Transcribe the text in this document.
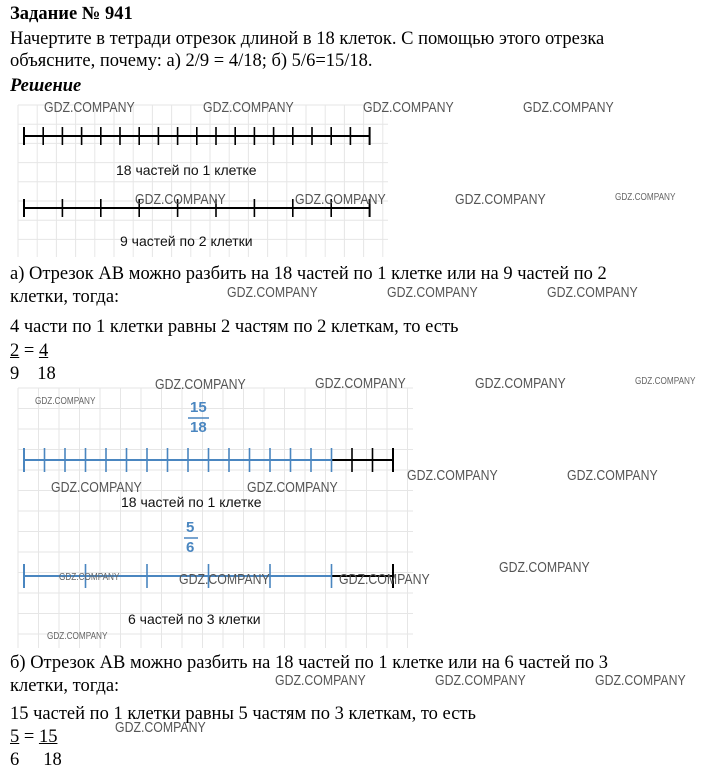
Задание № 941
Начертите в тетради отрезок длиной в 18 клеток. С помощью этого отрезка
объясните, почему: а) 2/9 = 4/18; б) 5/6=15/18.
Решение
18 частей по 1 клетке
9 частей по 2 клетки
а) Отрезок АВ можно разбить на 18 частей по 1 клетке или на 9 частей по 2
клетки, тогда:
4 части по 1 клетки равны 2 частям по 2 клеткам, то есть
2 = 4
9 18
15
18
18 частей по 1 клетке
5
6
6 частей по 3 клетки
б) Отрезок АВ можно разбить на 18 частей по 1 клетке или на 6 частей по 3
клетки, тогда:
15 частей по 1 клетки равны 5 частям по 3 клеткам, то есть
5 = 15
6 18
GDZ.COMPANY	GDZ.COMPANY	GDZ.COMPANY	GDZ.COMPANY
GDZ.COMPANY	GDZ.COMPANY	GDZ.COMPANY	GDZ.COMPANY
GDZ.COMPANY	GDZ.COMPANY	GDZ.COMPANY
GDZ.COMPANY	GDZ.COMPANY	GDZ.COMPANY	GDZ.COMPANY
GDZ.COMPANY
GDZ.COMPANY	GDZ.COMPANY
GDZ.COMPANY	GDZ.COMPANY
GDZ.COMPANY
GDZ.COMPANY	GDZ.COMPANY	GDZ.COMPANY
GDZ.COMPANY
GDZ.COMPANY	GDZ.COMPANY	GDZ.COMPANY
GDZ.COMPANY
